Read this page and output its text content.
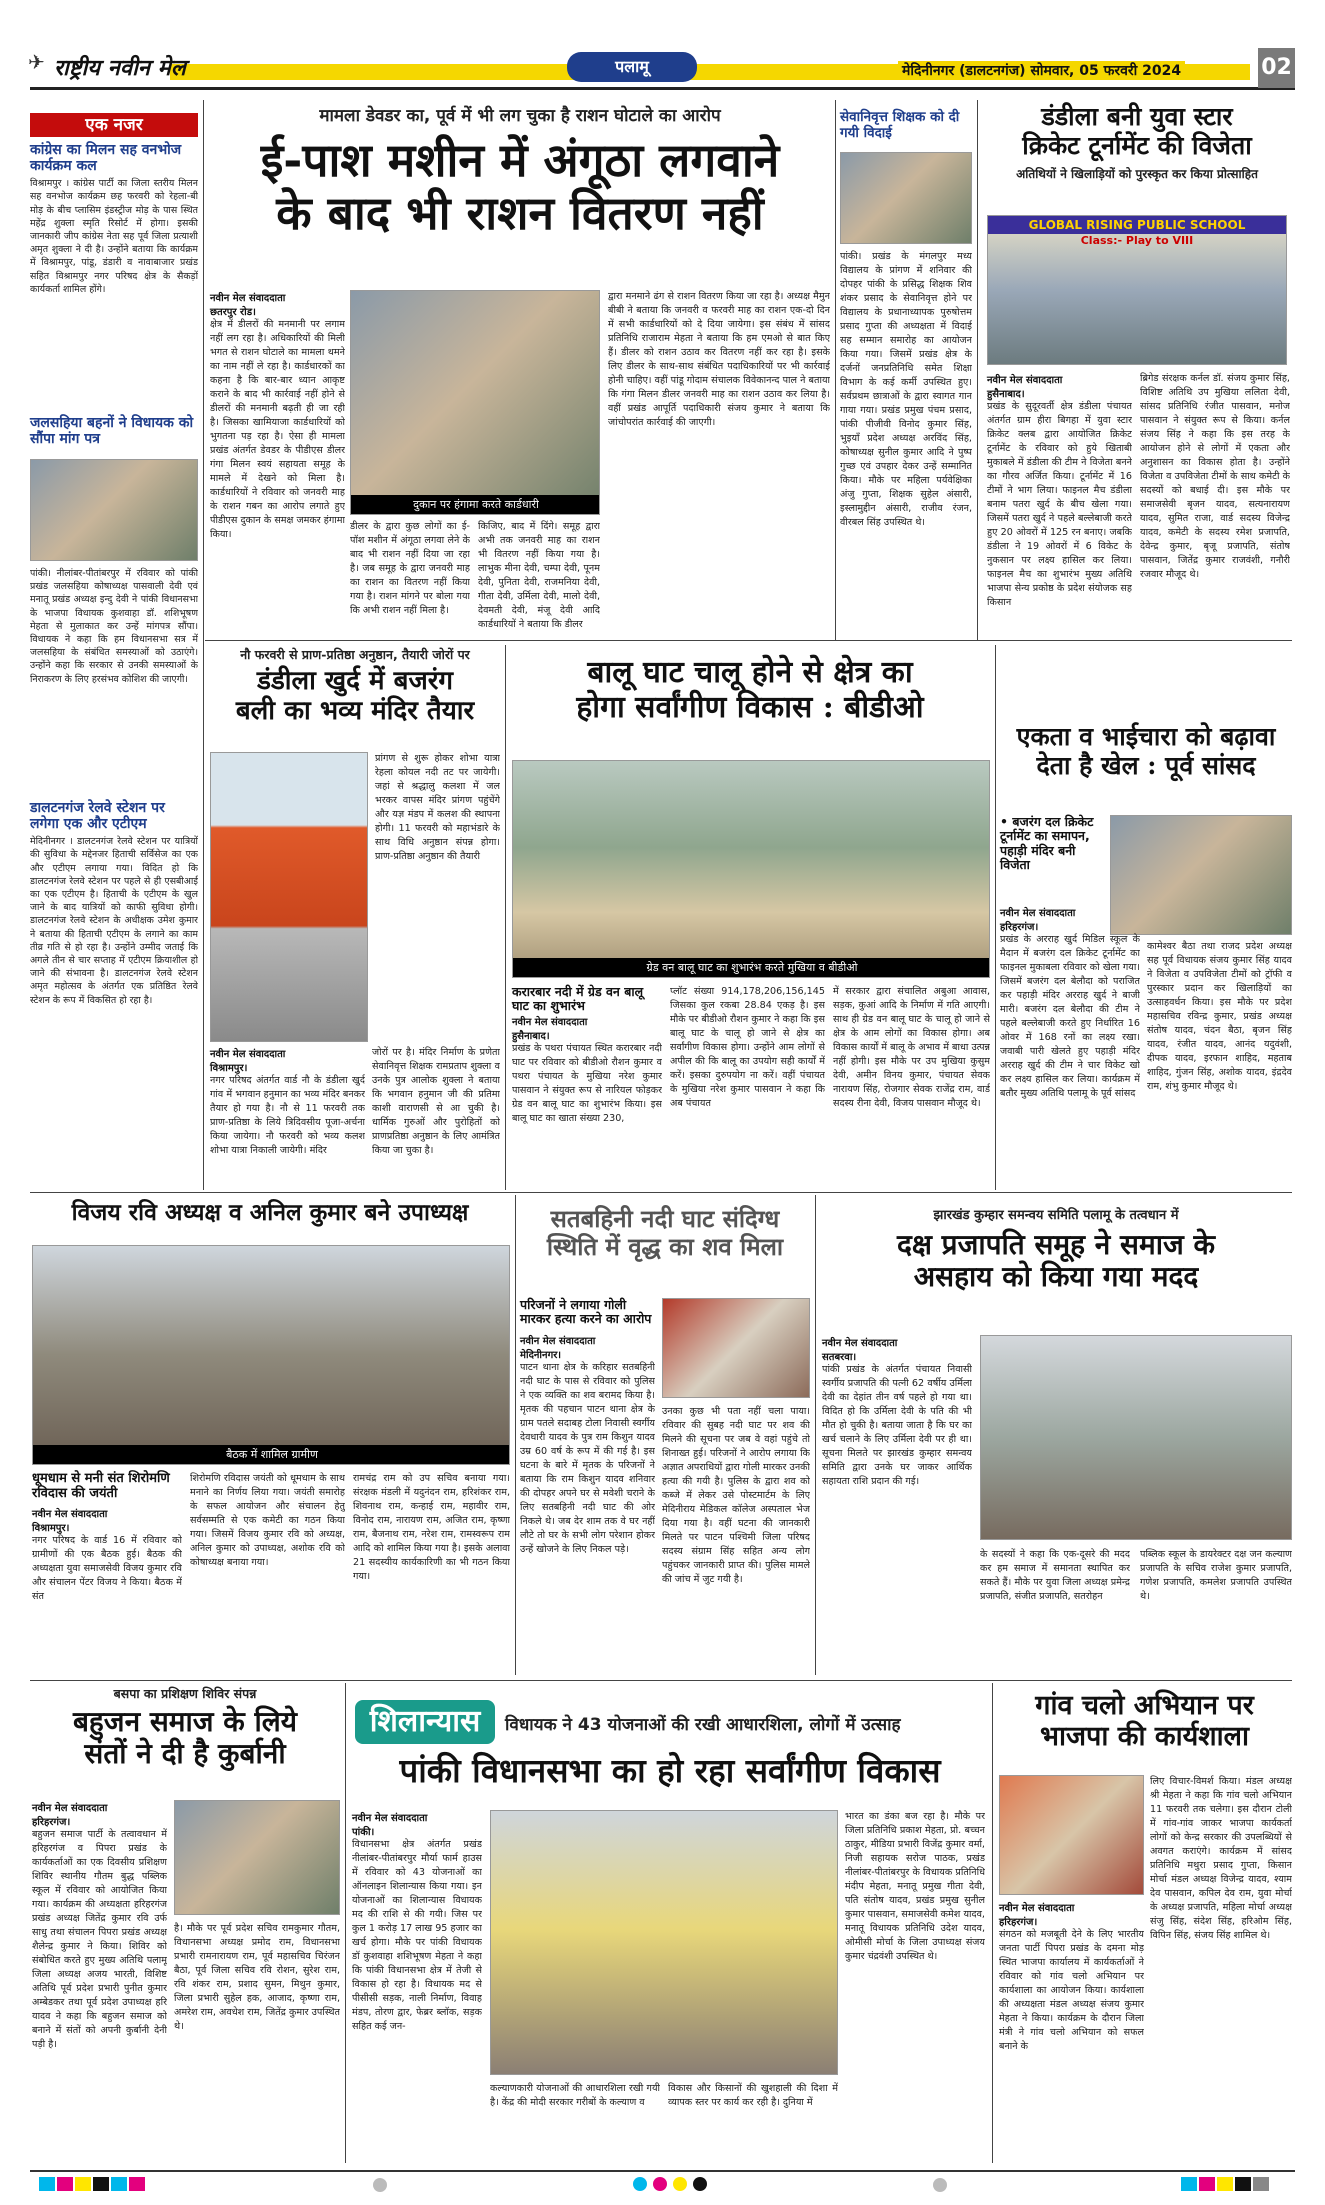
✈ राष्ट्रीय नवीन मेल	पलामू	मेदिनीनगर (डालटनगंज) सोमवार, 05 फरवरी 2024	02
एक नजर
कांग्रेस का मिलन सह वनभोज कार्यक्रम कल
विश्रामपुर । कांग्रेस पार्टी का जिला स्तरीय मिलन सह वनभोज कार्यक्रम छह फरवरी को रेहला-बी मोड़ के बीच प्लासिम इंडस्ट्रीज मोड़ के पास स्थित महेंद्र शुक्ला स्मृति रिसोर्ट में होगा। इसकी जानकारी जीप कांग्रेस नेता सह पूर्व जिला प्रत्याशी अमृत शुक्ला ने दी है। उन्होंने बताया कि कार्यक्रम में विश्रामपुर, पांडू, डंडारी व नावाबाजार प्रखंड सहित विश्रामपुर नगर परिषद क्षेत्र के सैकड़ों कार्यकर्ता शामिल होंगे।
जलसहिया बहनों ने विधायक को सौंपा मांग पत्र
पांकी। नीलांबर-पीतांबरपुर में रविवार को पांकी प्रखंड जलसहिया कोषाध्यक्ष पासवाली देवी एवं मनातू प्रखंड अध्यक्ष इन्दु देवी ने पांकी विधानसभा के भाजपा विधायक कुशवाहा डॉ. शशिभूषण मेहता से मुलाकात कर उन्हें मांगपत्र सौंपा। विधायक ने कहा कि हम विधानसभा सत्र में जलसहिया के संबंधित समस्याओं को उठाएंगे। उन्होंने कहा कि सरकार से उनकी समस्याओं के निराकरण के लिए हरसंभव कोशिश की जाएगी।
डालटनगंज रेलवे स्टेशन पर लगेगा एक और एटीएम
मेदिनीनगर । डालटनगंज रेलवे स्टेशन पर यात्रियों की सुविधा के मद्देनजर हिताची सर्विसेज का एक और एटीएम लगाया गया। विदित हो कि डालटनगंज रेलवे स्टेशन पर पहले से ही एसबीआई का एक एटीएम है। हिताची के एटीएम के खुल जाने के बाद यात्रियों को काफी सुविधा होगी। डालटनगंज रेलवे स्टेशन के अधीक्षक उमेश कुमार ने बताया की हिताची एटीएम के लगाने का काम तीव्र गति से हो रहा है। उन्होंने उम्मीद जताई कि अगले तीन से चार सप्ताह में एटीएम क्रियाशील हो जाने की संभावना है। डालटनगंज रेलवे स्टेशन अमृत महोत्सव के अंतर्गत एक प्रतिष्ठित रेलवे स्टेशन के रूप में विकसित हो रहा है।
मामला डेवडर का, पूर्व में भी लग चुका है राशन घोटाले का आरोप
ई-पाश मशीन में अंगूठा लगवाने
के बाद भी राशन वितरण नहीं
नवीन मेल संवाददाता
छतरपुर रोड।
क्षेत्र में डीलरों की मनमानी पर लगाम नहीं लग रहा है। अधिकारियों की मिली भगत से राशन घोटाले का मामला थमने का नाम नहीं ले रहा है। कार्डधारकों का कहना है कि बार-बार ध्यान आकृष्ट कराने के बाद भी कार्रवाई नहीं होने से डीलरों की मनमानी बढ़ती ही जा रही है। जिसका खामियाजा कार्डधारियों को भुगतना पड़ रहा है। ऐसा ही मामला प्रखंड अंतर्गत डेवडर के पीडीएस डीलर गंगा मिलन स्वयं सहायता समूह के मामले में देखने को मिला है। कार्डधारियों ने रविवार को जनवरी माह के राशन गबन का आरोप लगाते हुए पीडीएस दुकान के समक्ष जमकर हंगामा किया।
दुकान पर हंगामा करते कार्डधारी
डीलर के द्वारा कुछ लोगों का ई-पॉश मशीन में अंगूठा लगवा लेने के बाद भी राशन नहीं दिया जा रहा है। जब समूह के द्वारा जनवरी माह का राशन का वितरण नहीं किया गया है। राशन मांगने पर बोला गया कि अभी राशन नहीं मिला है।
किजिए, बाद में दिंगे। समूह द्वारा अभी तक जनवरी माह का राशन भी वितरण नहीं किया गया है। लाभुक मीना देवी, चम्पा देवी, पूनम देवी, पुनिता देवी, राजमनिया देवी, गीता देवी, उर्मिला देवी, मालो देवी, देवमती देवी, मंजू देवी आदि कार्डधारियों ने बताया कि डीलर
द्वारा मनमाने ढंग से राशन वितरण किया जा रहा है। अध्यक्ष मैमुन बीबी ने बताया कि जनवरी व फरवरी माह का राशन एक-दो दिन में सभी कार्डधारियों को दे दिया जायेगा। इस संबंध में सांसद प्रतिनिधि राजाराम मेहता ने बताया कि हम एमओ से बात किए हैं। डीलर को राशन उठाव कर वितरण नहीं कर रहा है। इसके लिए डीलर के साथ-साथ संबंधित पदाधिकारियों पर भी कार्रवाई होनी चाहिए। वहीं पांडू गोदाम संचालक विवेकानन्द पाल ने बताया कि गंगा मिलन डीलर जनवरी माह का राशन उठाव कर लिया है। वहीं प्रखंड आपूर्ति पदाधिकारी संजय कुमार ने बताया कि जांचोपरांत कार्रवाई की जाएगी।
सेवानिवृत्त शिक्षक को दी गयी विदाई
पांकी। प्रखंड के मंगलपुर मध्य विद्यालय के प्रांगण में शनिवार की दोपहर पांकी के प्रसिद्ध शिक्षक शिव शंकर प्रसाद के सेवानिवृत्त होने पर विद्यालय के प्रधानाध्यापक पुरुषोत्तम प्रसाद गुप्ता की अध्यक्षता में विदाई सह सम्मान समारोह का आयोजन किया गया। जिसमें प्रखंड क्षेत्र के दर्जनों जनप्रतिनिधि समेत शिक्षा विभाग के कई कर्मी उपस्थित हुए। सर्वप्रथम छात्राओं के द्वारा स्वागत गान गाया गया। प्रखंड प्रमुख पंचम प्रसाद, पांकी पीजीवी विनोद कुमार सिंह, भुइयाँ प्रदेश अध्यक्ष अरविंद सिंह, कोषाध्यक्ष सुनील कुमार आदि ने पुष्प गुच्छ एवं उपहार देकर उन्हें सम्मानित किया। मौके पर महिला पर्यवेक्षिका अंजु गुप्ता, शिक्षक सुहेल अंसारी, इस्लामुद्दीन अंसारी, राजीव रंजन, वीरबल सिंह उपस्थित थे।
डंडीला बनी युवा स्टार
क्रिकेट टूर्नामेंट की विजेता
अतिथियों ने खिलाड़ियों को पुरस्कृत कर किया प्रोत्साहित
GLOBAL RISING PUBLIC SCHOOL
Class:- Play to VIII
नवीन मेल संवाददाता
हुसैनाबाद।
प्रखंड के सुदूरवर्ती क्षेत्र डंडीला पंचायत अंतर्गत ग्राम हीरा बिगहा में युवा स्टार क्रिकेट क्लब द्वारा आयोजित क्रिकेट टूर्नामेंट के रविवार को हुये खिताबी मुकाबले में डंडीला की टीम ने विजेता बनने का गौरव अर्जित किया। टूर्नामेंट में 16 टीमों ने भाग लिया। फाइनल मैच डंडीला बनाम पतरा खुर्द के बीच खेला गया। जिसमें पतरा खुर्द ने पहले बल्लेबाजी करते हुए 20 ओवरों में 125 रन बनाए। जबकि डंडीला ने 19 ओवरों में 6 विकेट के नुकसान पर लक्ष्य हासिल कर लिया। फाइनल मैच का शुभारंभ मुख्य अतिथि भाजपा सेन्य प्रकोष्ठ के प्रदेश संयोजक सह किसान
ब्रिगेड संरक्षक कर्नल डॉ. संजय कुमार सिंह, विशिष्ट अतिथि उप मुखिया ललिता देवी, सांसद प्रतिनिधि रंजीत पासवान, मनोज पासवान ने संयुक्त रूप से किया। कर्नल संजय सिंह ने कहा कि इस तरह के आयोजन होने से लोगों में एकता और अनुशासन का विकास होता है। उन्होंने विजेता व उपविजेता टीमों के साथ कमेटी के सदस्यों को बधाई दी। इस मौके पर समाजसेवी बृजन यादव, सत्यनारायण यादव, सुमित राजा, वार्ड सदस्य विजेन्द्र यादव, कमेटी के सदस्य रमेश प्रजापति, देवेन्द्र कुमार, बृजू प्रजापति, संतोष पासवान, जितेंद्र कुमार राजवंशी, गनौरी रजवार मौजूद थे।
नौ फरवरी से प्राण-प्रतिष्ठा अनुष्ठान, तैयारी जोरों पर
डंडीला खुर्द में बजरंग
बली का भव्य मंदिर तैयार
प्रांगण से शुरू होकर शोभा यात्रा रेहला कोयल नदी तट पर जायेगी। जहां से श्रद्धालु कलशा में जल भरकर वापस मंदिर प्रांगण पहुंचेंगे और यज्ञ मंडप में कलश की स्थापना होगी। 11 फरवरी को महाभंडारे के साथ विधि अनुष्ठान संपन्न होगा। प्राण-प्रतिष्ठा अनुष्ठान की तैयारी
नवीन मेल संवाददाता
विश्रामपुर।
नगर परिषद अंतर्गत वार्ड नौ के डंडीला खुर्द गांव में भगवान हनुमान का भव्य मंदिर बनकर तैयार हो गया है। नौ से 11 फरवरी तक प्राण-प्रतिष्ठा के लिये त्रिदिवसीय पूजा-अर्चना किया जायेगा। नौ फरवरी को भव्य कलश शोभा यात्रा निकाली जायेगी। मंदिर
जोरों पर है। मंदिर निर्माण के प्रणेता सेवानिवृत्त शिक्षक रामप्रताप शुक्ला व उनके पुत्र आलोक शुक्ला ने बताया कि भगवान हनुमान जी की प्रतिमा काशी वाराणसी से आ चुकी है। धार्मिक गुरुओं और पुरोहितों को प्राणप्रतिष्ठा अनुष्ठान के लिए आमंत्रित किया जा चुका है।
बालू घाट चालू होने से क्षेत्र का
होगा सर्वांगीण विकास : बीडीओ
ग्रेड वन बालू घाट का शुभारंभ करते मुखिया व बीडीओ
करारबार नदी में ग्रेड वन बालू घाट का शुभारंभ
नवीन मेल संवाददाता
हुसैनाबाद।
प्रखंड के पथरा पंचायत स्थित करारबार नदी घाट पर रविवार को बीडीओ रौशन कुमार व पथरा पंचायत के मुखिया नरेश कुमार पासवान ने संयुक्त रूप से नारियल फोड़कर ग्रेड वन बालू घाट का शुभारंभ किया। इस बालू घाट का खाता संख्या 230,
प्लॉट संख्या 914,178,206,156,145 जिसका कुल रकबा 28.84 एकड़ है। इस मौके पर बीडीओ रौशन कुमार ने कहा कि इस बालू घाट के चालू हो जाने से क्षेत्र का सर्वांगीण विकास होगा। उन्होंने आम लोगों से अपील की कि बालू का उपयोग सही कार्यों में करें। इसका दुरुपयोग ना करें। वहीं पंचायत के मुखिया नरेश कुमार पासवान ने कहा कि अब पंचायत
में सरकार द्वारा संचालित अबुआ आवास, सड़क, कुआं आदि के निर्माण में गति आएगी। साथ ही ग्रेड वन बालू घाट के चालू हो जाने से क्षेत्र के आम लोगों का विकास होगा। अब विकास कार्यों में बालू के अभाव में बाधा उत्पन्न नहीं होगी। इस मौके पर उप मुखिया कुसुम देवी, अमीन विनय कुमार, पंचायत सेवक नारायण सिंह, रोजगार सेवक राजेंद्र राम, वार्ड सदस्य रीना देवी, विजय पासवान मौजूद थे।
एकता व भाईचारा को बढ़ावा
देता है खेल : पूर्व सांसद
• बजरंग दल क्रिकेट टूर्नामेंट का समापन, पहाड़ी मंदिर बनी विजेता
नवीन मेल संवाददाता
हरिहरगंज।
प्रखंड के अरराह खुर्द मिडिल स्कूल के मैदान में बजरंग दल क्रिकेट टूर्नामेंट का फाइनल मुकाबला रविवार को खेला गया। जिसमें बजरंग दल बेलौदा को पराजित कर पहाड़ी मंदिर अरराह खुर्द ने बाजी मारी। बजरंग दल बेलौदा की टीम ने पहले बल्लेबाजी करते हुए निर्धारित 16 ओवर में 168 रनों का लक्ष्य रखा। जवाबी पारी खेलते हुए पहाड़ी मंदिर अरराह खुर्द की टीम ने चार विकेट खो कर लक्ष्य हासिल कर लिया। कार्यक्रम में बतौर मुख्य अतिथि पलामू के पूर्व सांसद
कामेश्वर बैठा तथा राजद प्रदेश अध्यक्ष सह पूर्व विधायक संजय कुमार सिंह यादव ने विजेता व उपविजेता टीमों को ट्रॉफी व पुरस्कार प्रदान कर खिलाड़ियों का उत्साहवर्धन किया। इस मौके पर प्रदेश महासचिव रविन्द्र कुमार, प्रखंड अध्यक्ष संतोष यादव, चंदन बैठा, बृजन सिंह यादव, रंजीत यादव, आनंद यदुवंशी, दीपक यादव, इरफान शाहिद, महताब शाहिद, गुंजन सिंह, अशोक यादव, इंद्रदेव राम, शंभु कुमार मौजूद थे।
विजय रवि अध्यक्ष व अनिल कुमार बने उपाध्यक्ष
बैठक में शामिल ग्रामीण
धूमधाम से मनी संत शिरोमणि रविदास की जयंती
नवीन मेल संवाददाता
विश्रामपुर।
नगर परिषद के वार्ड 16 में रविवार को ग्रामीणों की एक बैठक हुई। बैठक की अध्यक्षता युवा समाजसेवी विजय कुमार रवि और संचालन पेंटर विजय ने किया। बैठक में संत
शिरोमणि रविदास जयंती को धूमधाम के साथ मनाने का निर्णय लिया गया। जयंती समारोह के सफल आयोजन और संचालन हेतु सर्वसम्मति से एक कमेटी का गठन किया गया। जिसमें विजय कुमार रवि को अध्यक्ष, अनिल कुमार को उपाध्यक्ष, अशोक रवि को कोषाध्यक्ष बनाया गया।
रामचंद्र राम को उप सचिव बनाया गया। संरक्षक मंडली में यदुनंदन राम, हरिशंकर राम, शिवनाथ राम, कन्हाई राम, महावीर राम, विनोद राम, नारायण राम, अजित राम, कृष्णा राम, बैजनाथ राम, नरेश राम, रामस्वरूप राम आदि को शामिल किया गया है। इसके अलावा 21 सदस्यीय कार्यकारिणी का भी गठन किया गया।
सतबहिनी नदी घाट संदिग्ध
स्थिति में वृद्ध का शव मिला
परिजनों ने लगाया गोली मारकर हत्या करने का आरोप
नवीन मेल संवाददाता
मेदिनीनगर।
पाटन थाना क्षेत्र के करिहार सतबहिनी नदी घाट के पास से रविवार को पुलिस ने एक व्यक्ति का शव बरामद किया है। मृतक की पहचान पाटन थाना क्षेत्र के ग्राम पतले सदाबह टोला निवासी स्वर्गीय देवधारी यादव के पुत्र राम किशुन यादव उम्र 60 वर्ष के रूप में की गई है। इस घटना के बारे में मृतक के परिजनों ने बताया कि राम किशुन यादव शनिवार की दोपहर अपने घर से मवेशी चराने के लिए सतबहिनी नदी घाट की ओर निकले थे। जब देर शाम तक वे घर नहीं लौटे तो घर के सभी लोग परेशान होकर उन्हें खोजने के लिए निकल पड़े।
उनका कुछ भी पता नहीं चला पाया। रविवार की सुबह नदी घाट पर शव की मिलने की सूचना पर जब वे वहां पहुंचे तो शिनाख्त हुई। परिजनों ने आरोप लगाया कि अज्ञात अपराधियों द्वारा गोली मारकर उनकी हत्या की गयी है। पुलिस के द्वारा शव को कब्जे में लेकर उसे पोस्टमार्टम के लिए मेदिनीराय मेडिकल कॉलेज अस्पताल भेज दिया गया है। वहीं घटना की जानकारी मिलते पर पाटन पश्चिमी जिला परिषद सदस्य संग्राम सिंह सहित अन्य लोग पहुंचकर जानकारी प्राप्त की। पुलिस मामले की जांच में जुट गयी है।
झारखंड कुम्हार समन्वय समिति पलामू के तत्वधान में
दक्ष प्रजापति समूह ने समाज के
असहाय को किया गया मदद
नवीन मेल संवाददाता
सतबरवा।
पांकी प्रखंड के अंतर्गत पंचायत निवासी स्वर्गीय प्रजापति की पत्नी 62 वर्षीय उर्मिला देवी का देहांत तीन वर्ष पहले हो गया था। विदित हो कि उर्मिला देवी के पति की भी मौत हो चुकी है। बताया जाता है कि घर का खर्च चलाने के लिए उर्मिला देवी पर ही था। सूचना मिलते पर झारखंड कुम्हार समन्वय समिति द्वारा उनके घर जाकर आर्थिक सहायता राशि प्रदान की गई।
के सदस्यों ने कहा कि एक-दूसरे की मदद कर हम समाज में समानता स्थापित कर सकते हैं। मौके पर युवा जिला अध्यक्ष प्रमेन्द्र प्रजापति, संजीत प्रजापति, सतरोहन
पब्लिक स्कूल के डायरेक्टर दक्ष जन कल्याण प्रजापति के सचिव राजेश कुमार प्रजापति, गणेश प्रजापति, कमलेश प्रजापति उपस्थित थे।
बसपा का प्रशिक्षण शिविर संपन्न
बहुजन समाज के लिये
संतों ने दी है कुर्बानी
नवीन मेल संवाददाता
हरिहरगंज।
बहुजन समाज पार्टी के तत्वावधान में हरिहरगंज व पिपरा प्रखंड के कार्यकर्ताओं का एक दिवसीय प्रशिक्षण शिविर स्थानीय गौतम बुद्ध पब्लिक स्कूल में रविवार को आयोजित किया गया। कार्यक्रम की अध्यक्षता हरिहरगंज प्रखंड अध्यक्ष जितेंद्र कुमार रवि उर्फ साधु तथा संचालन पिपरा प्रखंड अध्यक्ष शैलेन्द्र कुमार ने किया। शिविर को संबोधित करते हुए मुख्य अतिथि पलामू जिला अध्यक्ष अजय भारती, विशिष्ट अतिथि पूर्व प्रदेश प्रभारी पुनीत कुमार अम्बेडकर तथा पूर्व प्रदेश उपाध्यक्ष हरि यादव ने कहा कि बहुजन समाज को बनाने में संतों को अपनी कुर्बानी देनी पड़ी है।
है। मौके पर पूर्व प्रदेश सचिव रामकुमार गौतम, विधानसभा अध्यक्ष प्रमोद राम, विधानसभा प्रभारी रामनारायण राम, पूर्व महासचिव चिरंजन बैठा, पूर्व जिला सचिव रवि रोशन, सुरेश राम, रवि शंकर राम, प्रशाद सुमन, मिथुन कुमार, जिला प्रभारी सुहेल हक, आजाद, कृष्णा राम, अमरेश राम, अवधेश राम, जितेंद्र कुमार उपस्थित थे।
शिलान्यास	विधायक ने 43 योजनाओं की रखी आधारशिला, लोगों में उत्साह
पांकी विधानसभा का हो रहा सर्वांगीण विकास
नवीन मेल संवाददाता
पांकी।
विधानसभा क्षेत्र अंतर्गत प्रखंड नीलांबर-पीतांबरपुर मौर्या फार्म हाउस में रविवार को 43 योजनाओं का ऑनलाइन शिलान्यास किया गया। इन योजनाओं का शिलान्यास विधायक मद की राशि से की गयी। जिस पर कुल 1 करोड़ 17 लाख 95 हजार का खर्च होगा। मौके पर पांकी विधायक डॉ कुशवाहा शशिभूषण मेहता ने कहा कि पांकी विधानसभा क्षेत्र में तेजी से विकास हो रहा है। विधायक मद से पीसीसी सड़क, नाली निर्माण, विवाह मंडप, तोरण द्वार, फेब्रर ब्लॉक, सड़क सहित कई जन-
कल्याणकारी योजनाओं की आधारशिला रखी गयी है। केंद्र की मोदी सरकार गरीबों के कल्याण व
विकास और किसानों की खुशहाली की दिशा में व्यापक स्तर पर कार्य कर रही है। दुनिया में
भारत का डंका बज रहा है। मौके पर जिला प्रतिनिधि प्रकाश मेहता, प्रो. बच्चन ठाकुर, मीडिया प्रभारी विजेंद्र कुमार वर्मा, निजी सहायक सरोज पाठक, प्रखंड नीलांबर-पीतांबरपुर के विधायक प्रतिनिधि मंदीप मेहता, मनातू प्रमुख गीता देवी, पति संतोष यादव, प्रखंड प्रमुख सुनील कुमार पासवान, समाजसेवी कमेश यादव, मनातू विधायक प्रतिनिधि उदेश यादव, ओमीसी मोर्चा के जिला उपाध्यक्ष संजय कुमार चंद्रवंशी उपस्थित थे।
गांव चलो अभियान पर
भाजपा की कार्यशाला
नवीन मेल संवाददाता
हरिहरगंज।
संगठन को मजबूती देने के लिए भारतीय जनता पार्टी पिपरा प्रखंड के दमना मोड़ स्थित भाजपा कार्यालय में कार्यकर्ताओं ने रविवार को गांव चलो अभियान पर कार्यशाला का आयोजन किया। कार्यशाला की अध्यक्षता मंडल अध्यक्ष संजय कुमार मेहता ने किया। कार्यक्रम के दौरान जिला मंत्री ने गांव चलो अभियान को सफल बनाने के
लिए विचार-विमर्श किया। मंडल अध्यक्ष श्री मेहता ने कहा कि गांव चलो अभियान 11 फरवरी तक चलेगा। इस दौरान टोली में गांव-गांव जाकर भाजपा कार्यकर्ता लोगों को केन्द्र सरकार की उपलब्धियों से अवगत कराएंगे। कार्यक्रम में सांसद प्रतिनिधि मथुरा प्रसाद गुप्ता, किसान मोर्चा मंडल अध्यक्ष विजेन्द्र यादव, श्याम देव पासवान, कपिल देव राम, युवा मोर्चा के अध्यक्ष प्रजापति, महिला मोर्चा अध्यक्ष संजु सिंह, संदेश सिंह, हरिओम सिंह, विपिन सिंह, संजय सिंह शामिल थे।
